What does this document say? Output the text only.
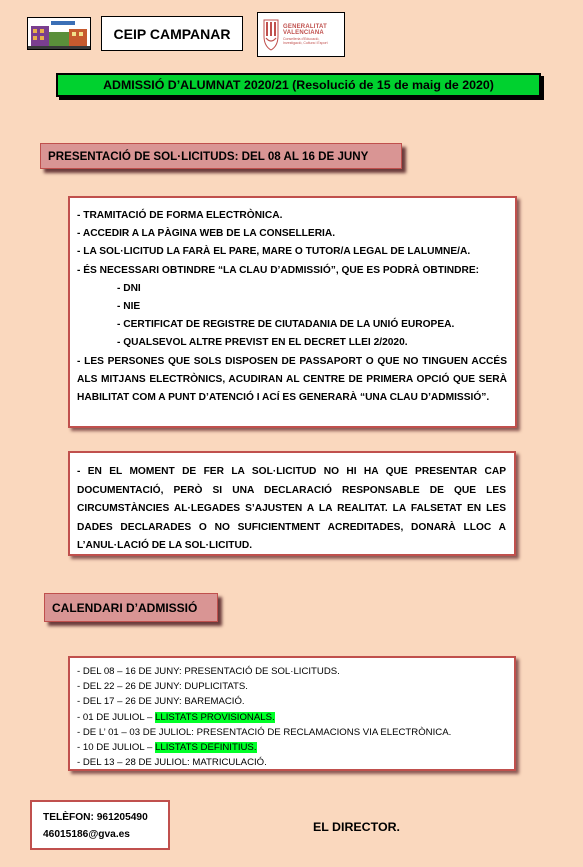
CEIP CAMPANAR	GENERALITAT
VALENCIANA
Conselleria d'Educació, Investigació, Cultura i Esport
ADMISSIÓ D’ALUMNAT 2020/21 (Resolució de 15 de maig de 2020)
PRESENTACIÓ DE SOL·LICITUDS: DEL 08 AL 16 DE JUNY

- TRAMITACIÓ DE FORMA ELECTRÒNICA.

- ACCEDIR A LA PÀGINA WEB DE LA CONSELLERIA.

- LA SOL·LICITUD LA FARÀ EL PARE, MARE O TUTOR/A LEGAL DE LALUMNE/A.

- ÉS NECESSARI OBTINDRE “LA CLAU D’ADMISSIÓ”, QUE ES PODRÀ OBTINDRE:

- DNI

- NIE

- CERTIFICAT DE REGISTRE DE CIUTADANIA DE LA UNIÓ EUROPEA.

- QUALSEVOL ALTRE PREVIST EN EL DECRET LLEI 2/2020.

- LES PERSONES QUE SOLS DISPOSEN DE PASSAPORT O QUE NO TINGUEN ACCÉS ALS MITJANS ELECTRÒNICS, ACUDIRAN AL CENTRE DE PRIMERA OPCIÓ QUE SERÀ HABILITAT COM A PUNT D’ATENCIÓ I ACÍ ES GENERARÀ “UNA CLAU D’ADMISSIÓ”.

- EN EL MOMENT DE FER LA SOL·LICITUD NO HI HA QUE PRESENTAR CAP DOCUMENTACIÓ, PERÒ SI UNA DECLARACIÓ RESPONSABLE DE QUE LES CIRCUMSTÀNCIES AL·LEGADES S’AJUSTEN A LA REALITAT. LA FALSETAT EN LES DADES DECLARADES O NO SUFICIENTMENT ACREDITADES, DONARÀ LLOC A L’ANUL·LACIÓ DE LA SOL·LICITUD.

CALENDARI D’ADMISSIÓ

- DEL 08 – 16 DE JUNY: PRESENTACIÓ DE SOL·LICITUDS.

- DEL 22 – 26 DE JUNY: DUPLICITATS.

- DEL 17 – 26 DE JUNY: BAREMACIÓ.

- 01 DE JULIOL – LLISTATS PROVISIONALS.

- DE L’ 01 – 03 DE JULIOL: PRESENTACIÓ DE RECLAMACIONS VIA ELECTRÒNICA.

- 10 DE JULIOL – LLISTATS DEFINITIUS.

- DEL 13 – 28 DE JULIOL: MATRICULACIÓ.

TELÈFON: 961205490
46015186@gva.es
EL DIRECTOR.
